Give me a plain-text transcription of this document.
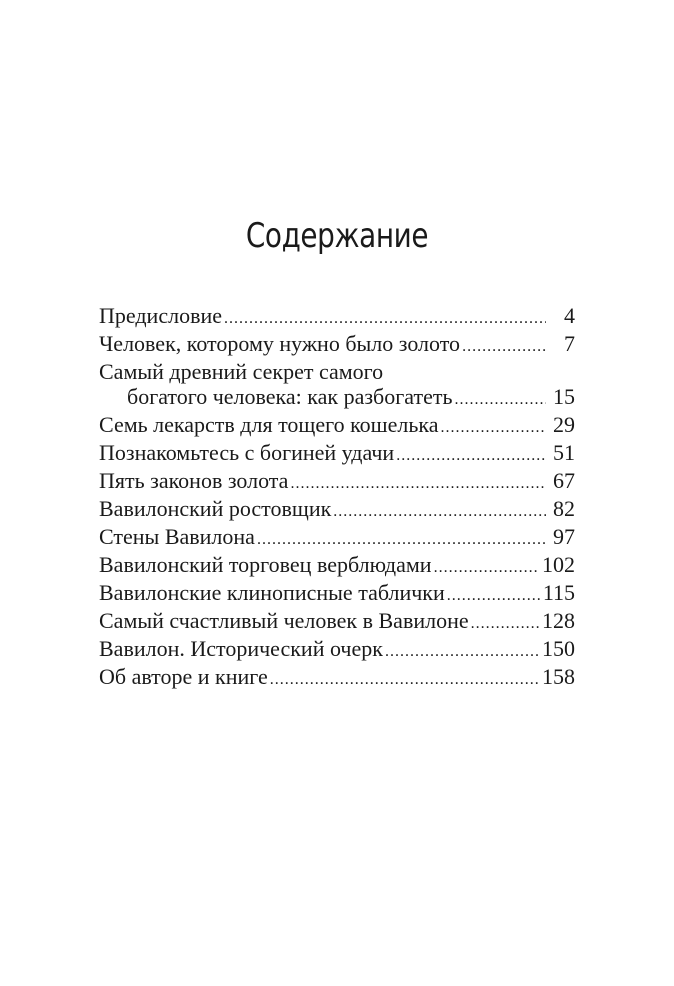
Содержание
Предисловие .....	4
Человек, которому нужно было золото .....	7
Самый древний секрет самого
богатого человека: как разбогатеть .....	15
Семь лекарств для тощего кошелька .....	29
Познакомьтесь с богиней удачи .....	51
Пять законов золота .....	67
Вавилонский ростовщик .....	82
Стены Вавилона .....	97
Вавилонский торговец верблюдами .....	102
Вавилонские клинописные таблички .....	115
Самый счастливый человек в Вавилоне .....	128
Вавилон. Исторический очерк .....	150
Об авторе и книге .....	158
